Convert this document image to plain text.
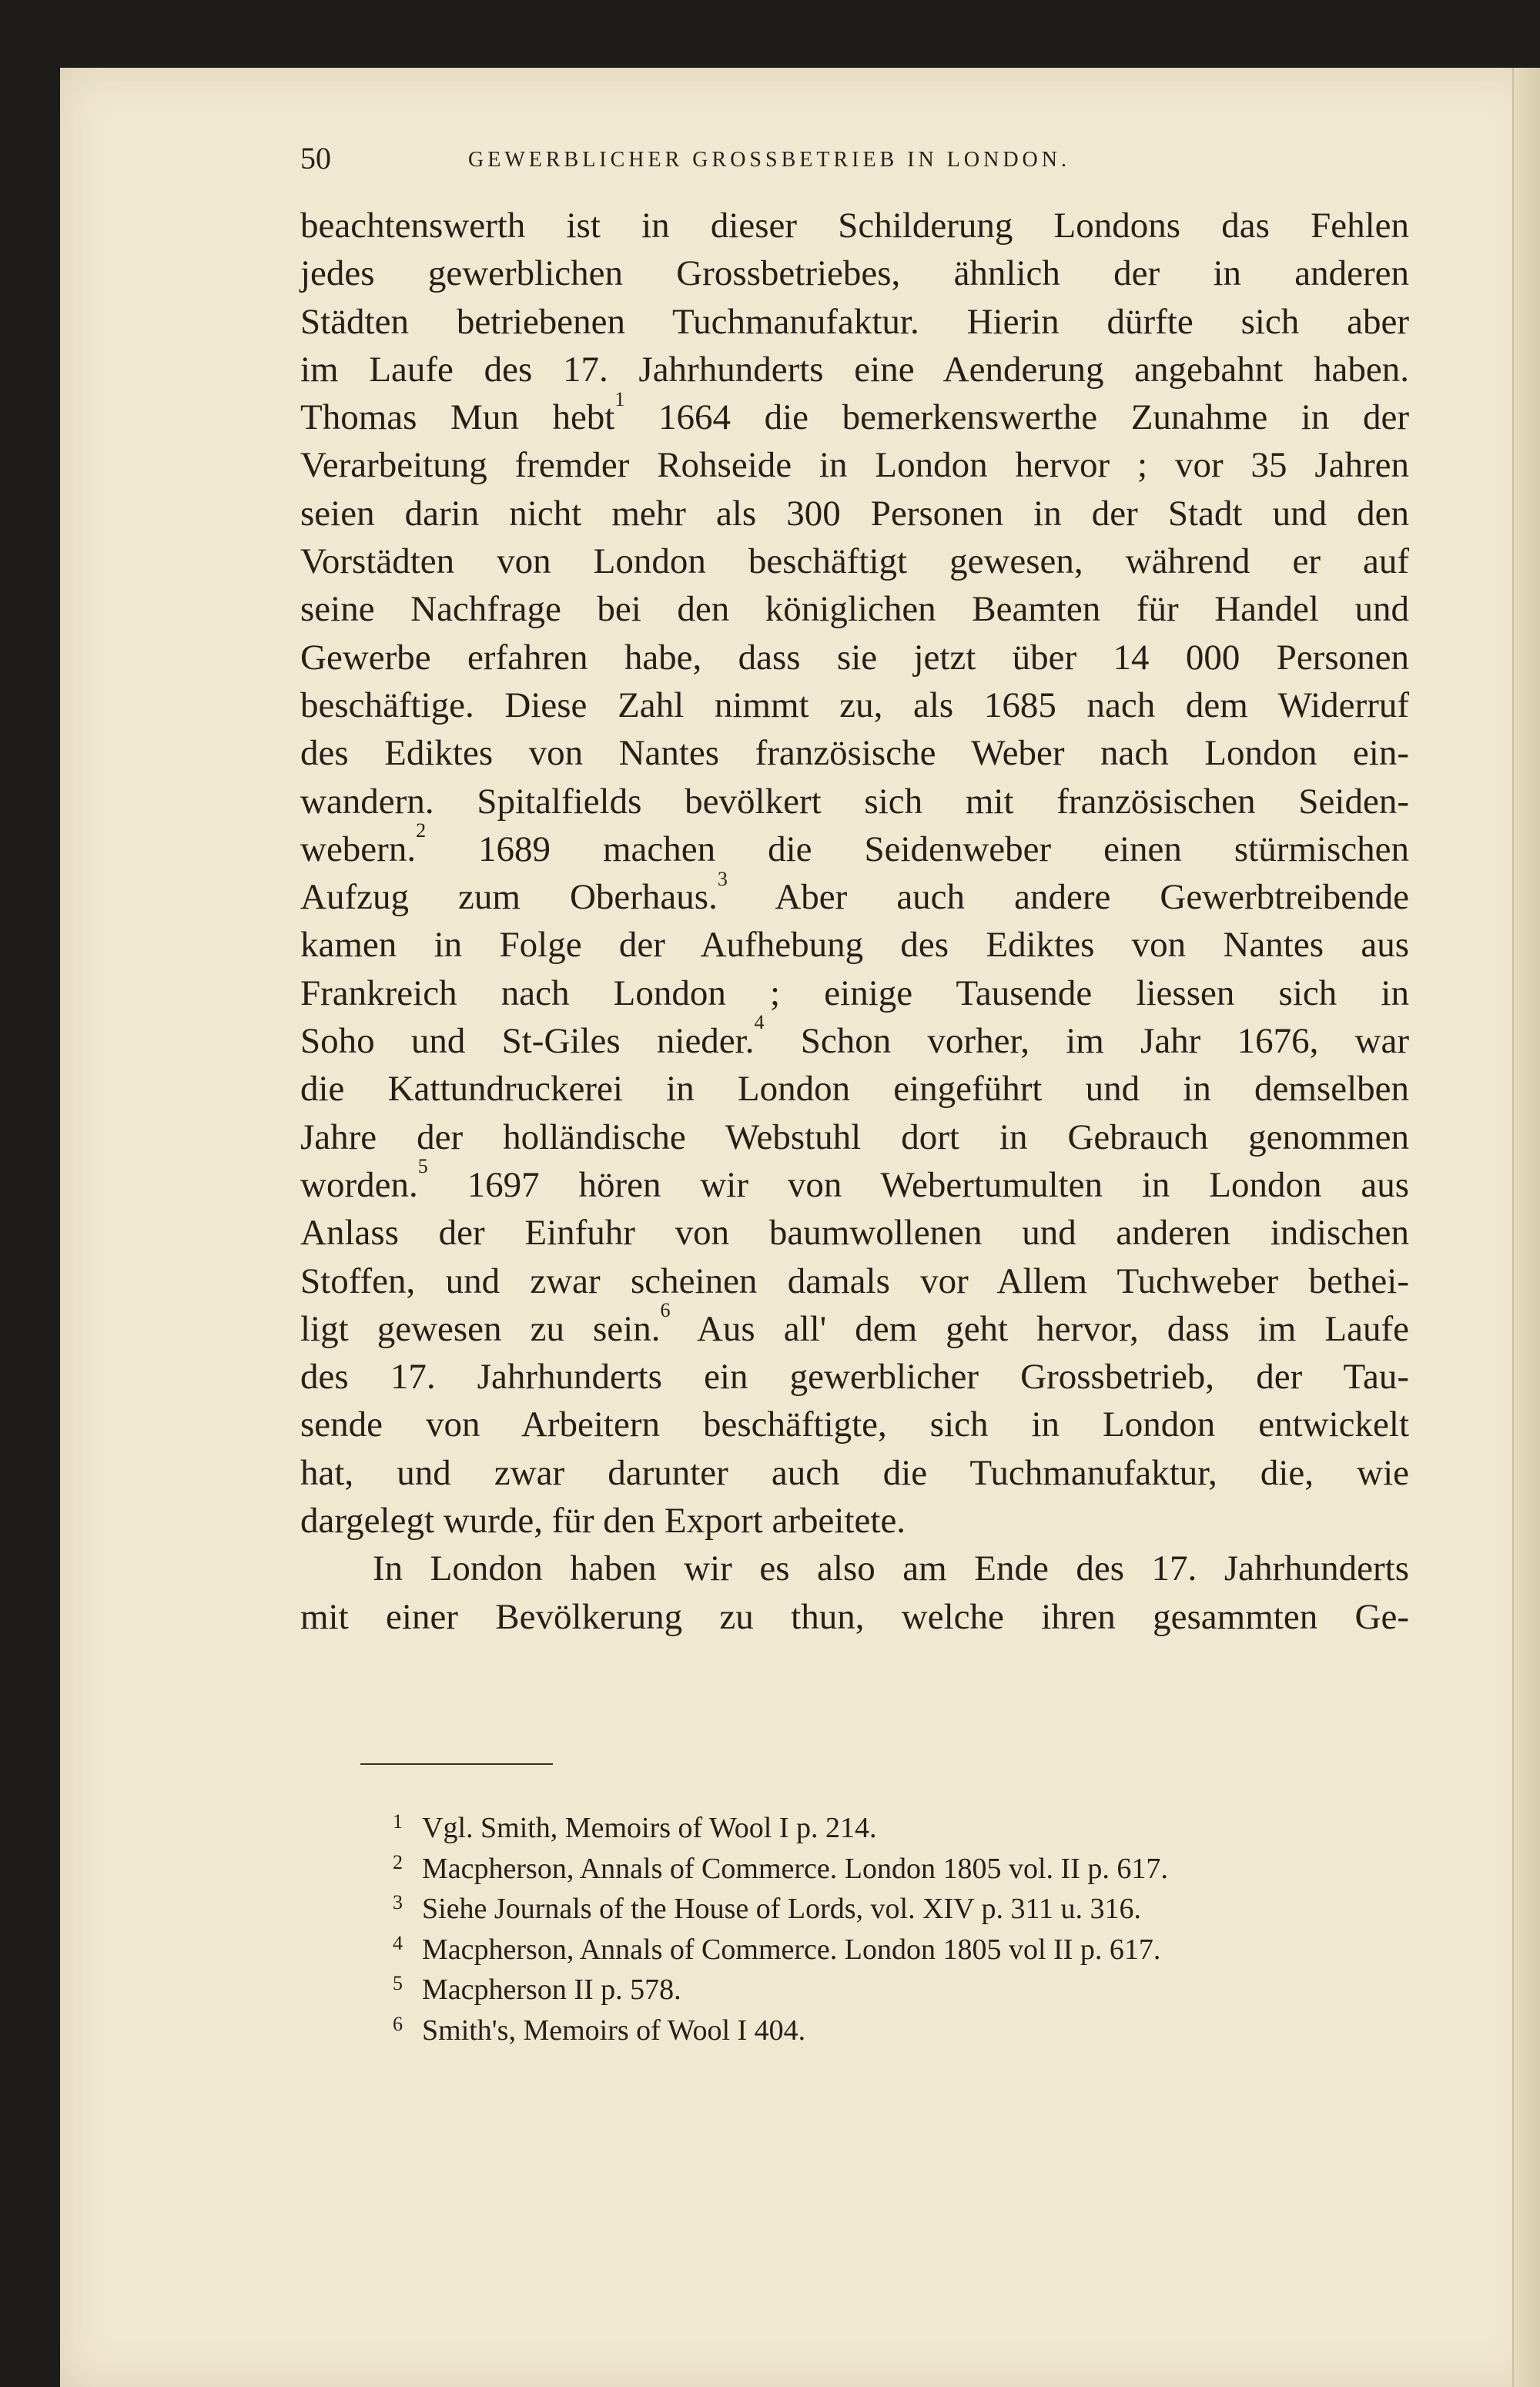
50	GEWERBLICHER GROSSBETRIEB IN LONDON.
beachtenswerth ist in dieser Schilderung Londons das Fehlen
jedes gewerblichen Grossbetriebes, ähnlich der in anderen
Städten betriebenen Tuchmanufaktur. Hierin dürfte sich aber
im Laufe des 17. Jahrhunderts eine Aenderung angebahnt haben.
Thomas Mun hebt$^1$ 1664 die bemerkenswerthe Zunahme in der
Verarbeitung fremder Rohseide in London hervor ; vor 35 Jahren
seien darin nicht mehr als 300 Personen in der Stadt und den
Vorstädten von London beschäftigt gewesen, während er auf
seine Nachfrage bei den königlichen Beamten für Handel und
Gewerbe erfahren habe, dass sie jetzt über 14 000 Personen
beschäftige. Diese Zahl nimmt zu, als 1685 nach dem Widerruf
des Ediktes von Nantes französische Weber nach London ein-
wandern. Spitalfields bevölkert sich mit französischen Seiden-
webern.$^2$ 1689 machen die Seidenweber einen stürmischen
Aufzug zum Oberhaus.$^3$ Aber auch andere Gewerbtreibende
kamen in Folge der Aufhebung des Ediktes von Nantes aus
Frankreich nach London ; einige Tausende liessen sich in
Soho und St-Giles nieder.$^4$ Schon vorher, im Jahr 1676, war
die Kattundruckerei in London eingeführt und in demselben
Jahre der holländische Webstuhl dort in Gebrauch genommen
worden.$^5$ 1697 hören wir von Webertumulten in London aus
Anlass der Einfuhr von baumwollenen und anderen indischen
Stoffen, und zwar scheinen damals vor Allem Tuchweber bethei-
ligt gewesen zu sein.$^6$ Aus all' dem geht hervor, dass im Laufe
des 17. Jahrhunderts ein gewerblicher Grossbetrieb, der Tau-
sende von Arbeitern beschäftigte, sich in London entwickelt
hat, und zwar darunter auch die Tuchmanufaktur, die, wie
dargelegt wurde, für den Export arbeitete.
In London haben wir es also am Ende des 17. Jahrhunderts
mit einer Bevölkerung zu thun, welche ihren gesammten Ge-
1 Vgl. Smith, Memoirs of Wool I p. 214.
2 Macpherson, Annals of Commerce. London 1805 vol. II p. 617.
3 Siehe Journals of the House of Lords, vol. XIV p. 311 u. 316.
4 Macpherson, Annals of Commerce. London 1805 vol II p. 617.
5 Macpherson II p. 578.
6 Smith's, Memoirs of Wool I 404.
